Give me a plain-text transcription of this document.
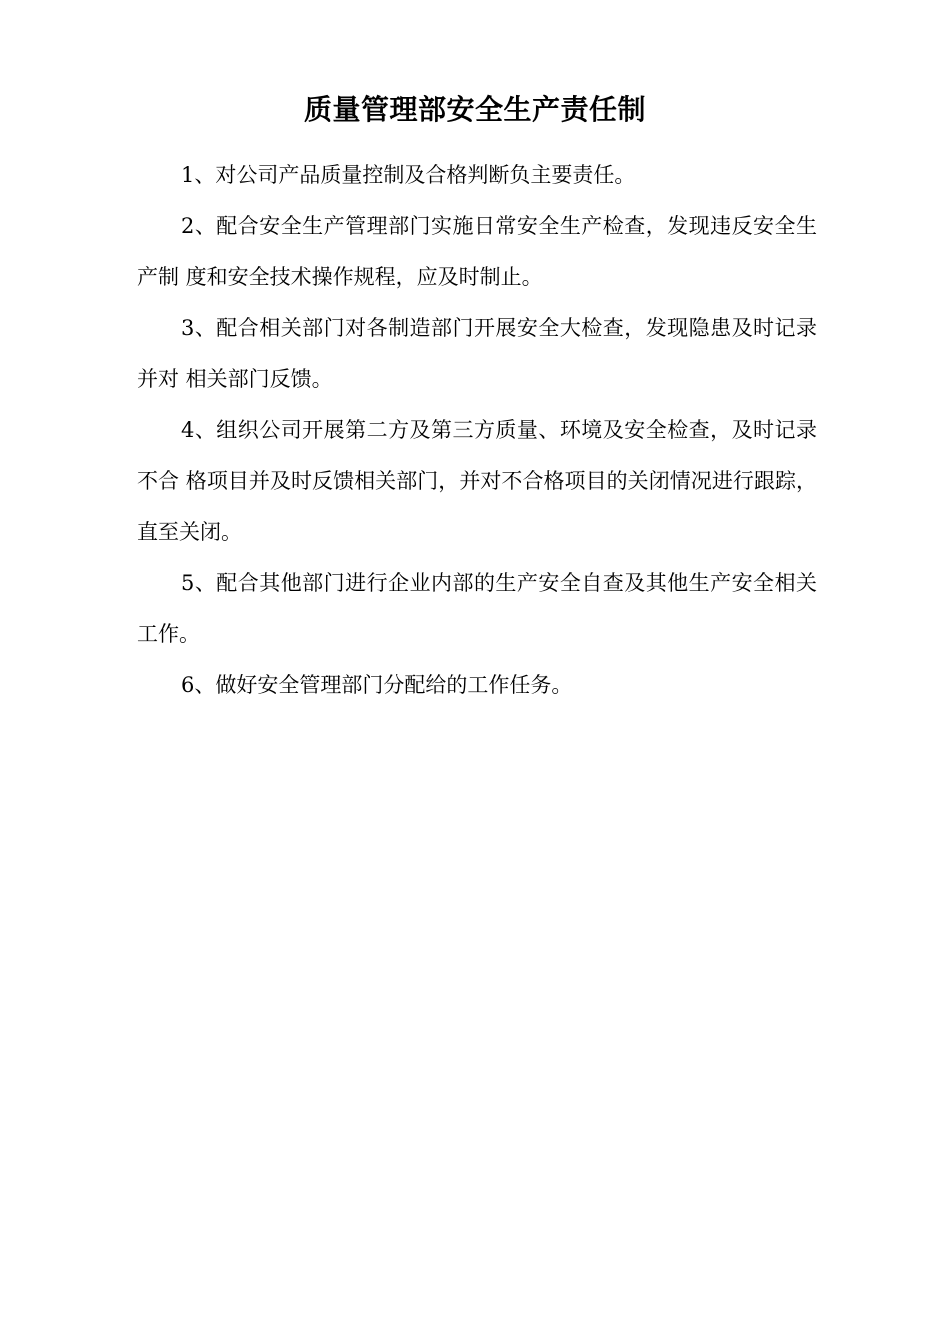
质量管理部安全生产责任制

1、对公司产品质量控制及合格判断负主要责任。

2、配合安全生产管理部门实施日常安全生产检查，发现违反安全生产制 度和安全技术操作规程，应及时制止。

3、配合相关部门对各制造部门开展安全大检查，发现隐患及时记录并对 相关部门反馈。

4、组织公司开展第二方及第三方质量、环境及安全检查，及时记录不合 格项目并及时反馈相关部门，并对不合格项目的关闭情况进行跟踪，直至关闭。

5、配合其他部门进行企业内部的生产安全自查及其他生产安全相关工作。

6、做好安全管理部门分配给的工作任务。
